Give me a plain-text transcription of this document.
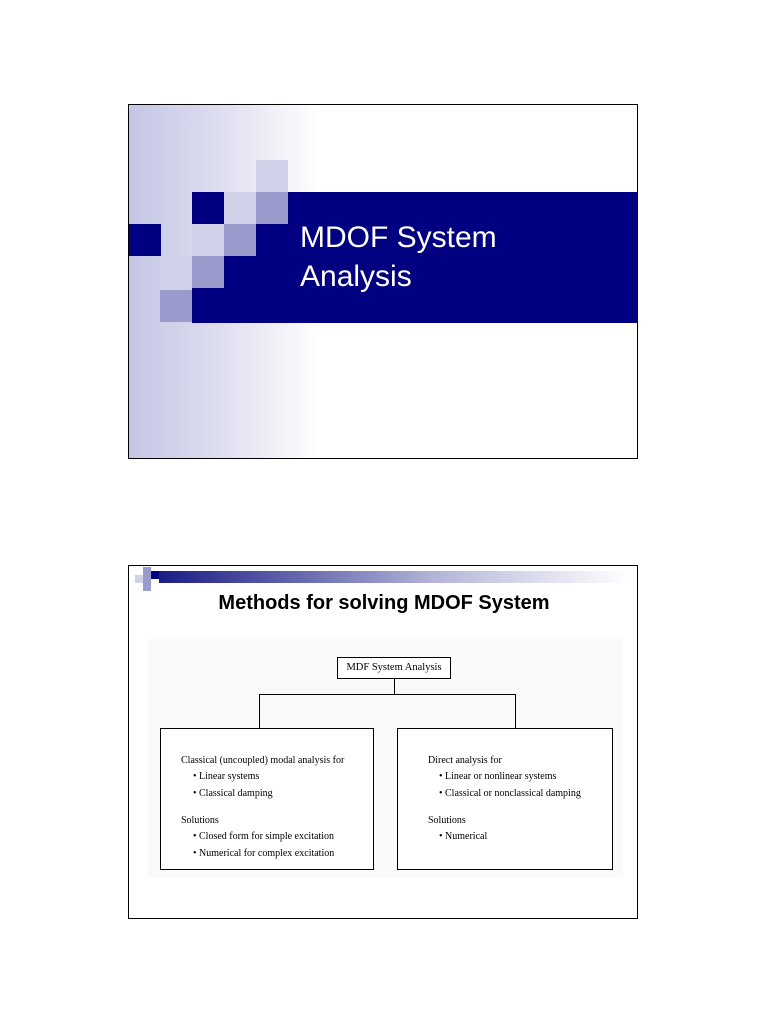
MDOF System
Analysis
Methods for solving MDOF System
MDF System Analysis
Classical (uncoupled) modal analysis for
• Linear systems
• Classical damping
Solutions
• Closed form for simple excitation
• Numerical for complex excitation
Direct analysis for
• Linear or nonlinear systems
• Classical or nonclassical damping
Solutions
• Numerical
